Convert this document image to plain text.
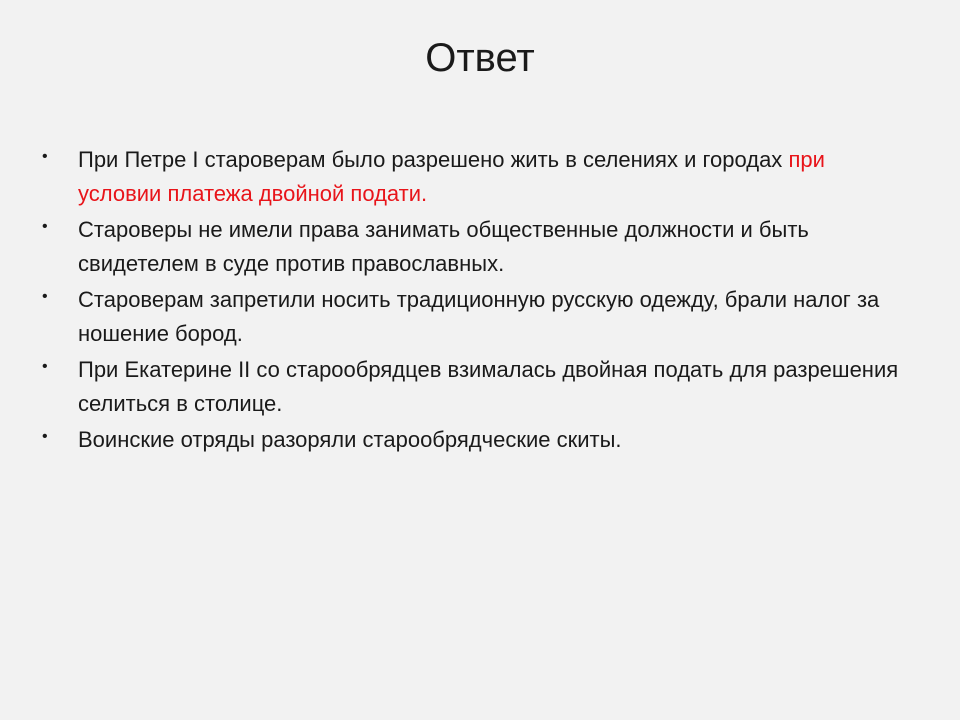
Ответ
• При Петре I староверам было разрешено жить в селениях и городах при условии платежа двойной подати.
• Староверы не имели права занимать общественные должности и быть свидетелем в суде против православных.
• Староверам запретили носить традиционную русскую одежду, брали налог за ношение бород.
• При Екатерине II со старообрядцев взималась двойная подать для разрешения селиться в столице.
• Воинские отряды разоряли старообрядческие скиты.
